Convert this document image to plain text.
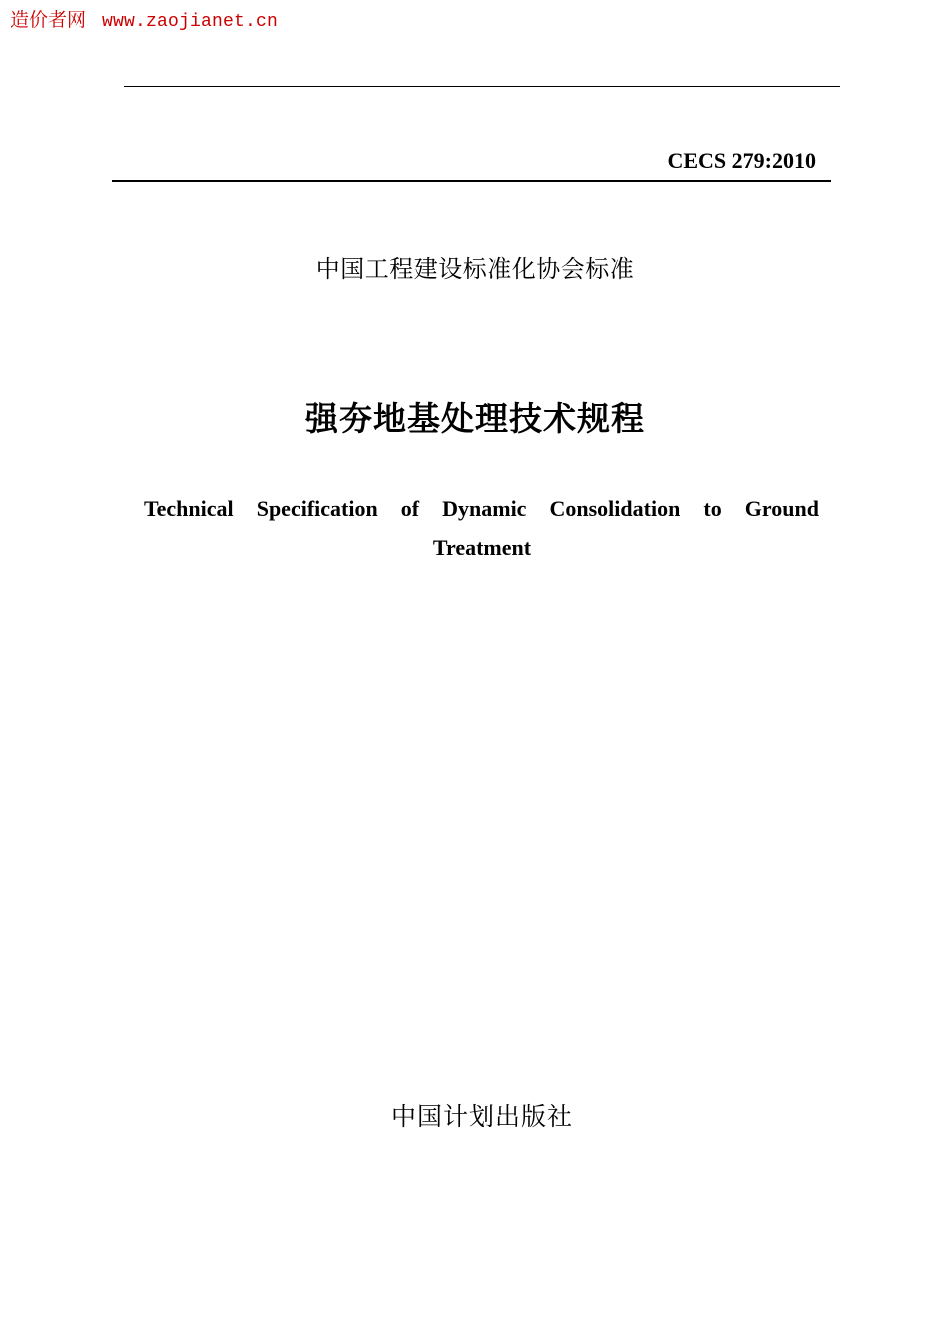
造价者网 www.zaojianet.cn
CECS 279:2010
中国工程建设标准化协会标准
强夯地基处理技术规程
Technical Specification of Dynamic Consolidation to Ground
Treatment
中国计划出版社
